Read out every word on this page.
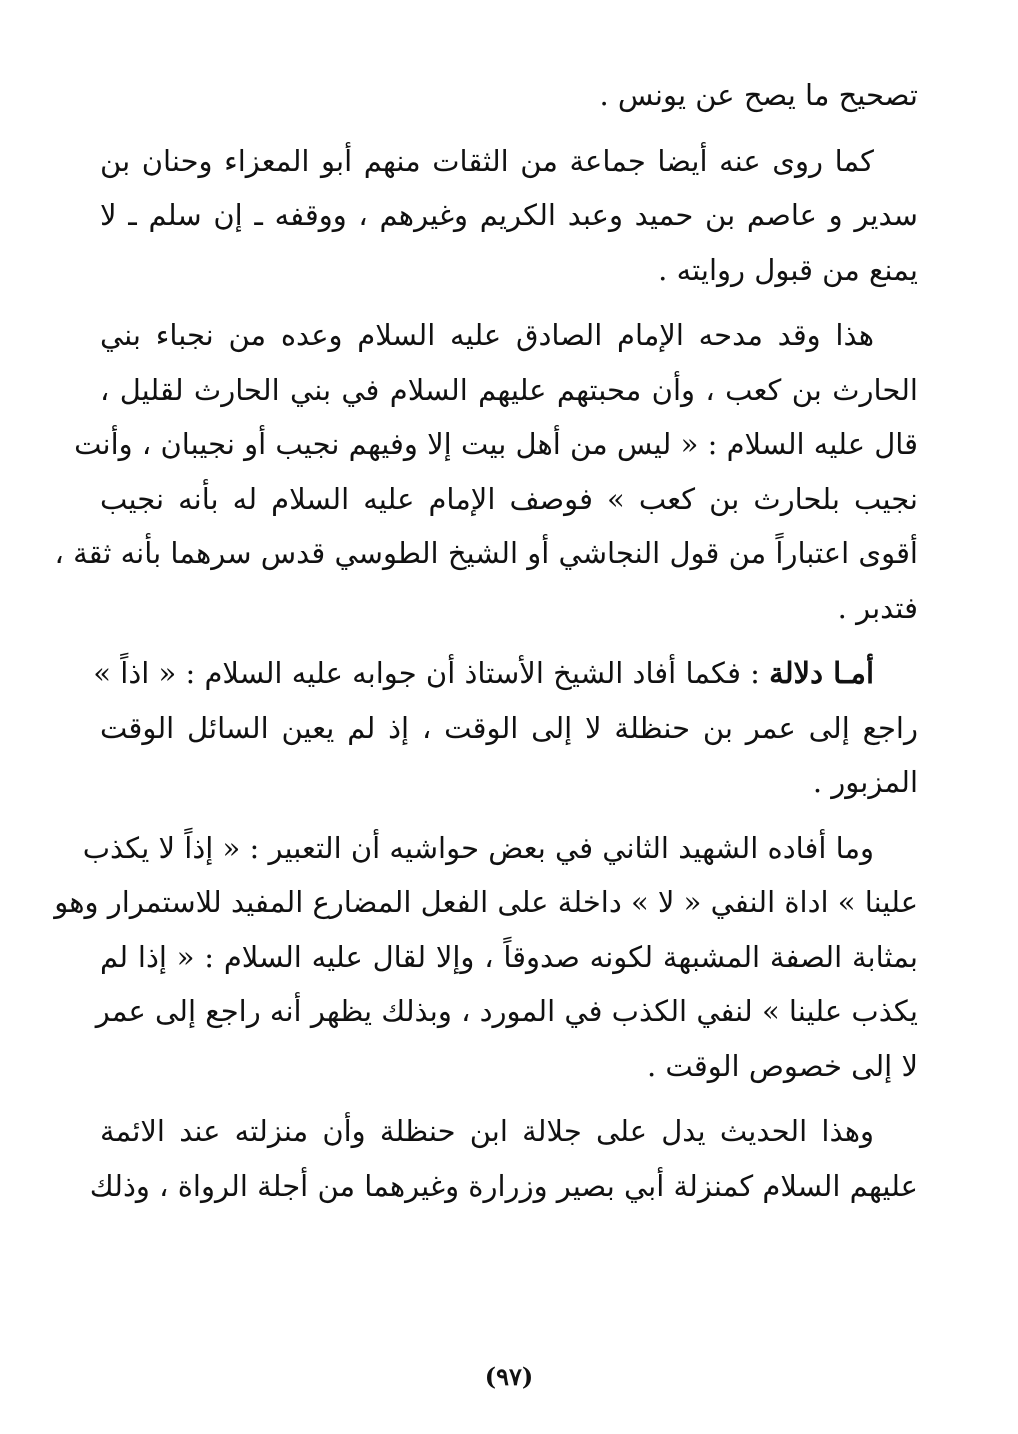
تصحيح ما يصح عن يونس .

كما روى عنه أيضا جماعة من الثقات منهم أبو المعزاء وحنان بن
سدير و عاصم بن حميد وعبد الكريم وغيرهم ، ووقفه ـ إن سلم ـ لا
يمنع من قبول روايته .

هذا وقد مدحه الإمام الصادق عليه السلام وعده من نجباء بني
الحارث بن كعب ، وأن محبتهم عليهم السلام في بني الحارث لقليل ،
قال عليه السلام : « ليس من أهل بيت إلا وفيهم نجيب أو نجيبان ، وأنت
نجيب بلحارث بن كعب » فوصف الإمام عليه السلام له بأنه نجيب
أقوى اعتباراً من قول النجاشي أو الشيخ الطوسي قدس سرهما بأنه ثقة ،
فتدبر .

أمـا دلالة : فكما أفاد الشيخ الأستاذ أن جوابه عليه السلام : « اذاً »
راجع إلى عمر بن حنظلة لا إلى الوقت ، إذ لم يعين السائل الوقت
المزبور .

وما أفاده الشهيد الثاني في بعض حواشيه أن التعبير : « إذاً لا يكذب
علينا » اداة النفي « لا » داخلة على الفعل المضارع المفيد للاستمرار وهو
بمثابة الصفة المشبهة لكونه صدوقاً ، وإلا لقال عليه السلام : « إذا لم
يكذب علينا » لنفي الكذب في المورد ، وبذلك يظهر أنه راجع إلى عمر
لا إلى خصوص الوقت .

وهذا الحديث يدل على جلالة ابن حنظلة وأن منزلته عند الائمة
عليهم السلام كمنزلة أبي بصير وزرارة وغيرهما من أجلة الرواة ، وذلك

(٩٧)
